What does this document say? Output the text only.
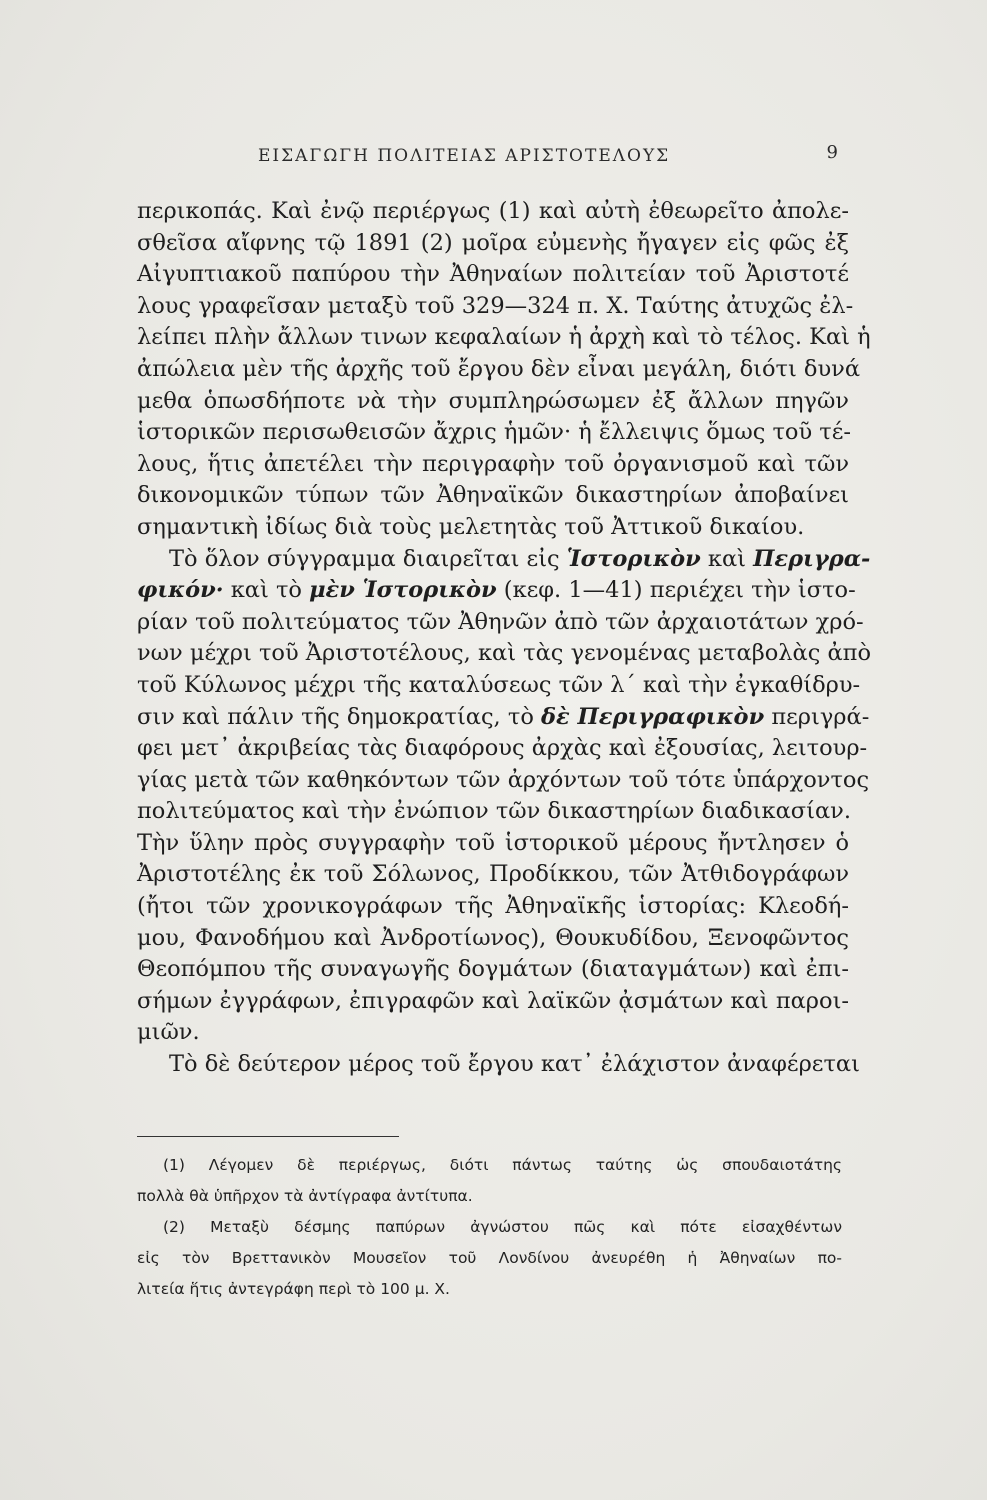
ΕΙΣΑΓΩΓΗ ΠΟΛΙΤΕΙΑΣ ΑΡΙΣΤΟΤΕΛΟΥΣ	9
περικοπάς. Καὶ ἐνῷ περιέργως (1) καὶ αὐτὴ ἐθεωρεῖτο ἀπολε-
σθεῖσα αἴφνης τῷ 1891 (2) μοῖρα εὐμενὴς ἤγαγεν εἰς φῶς ἐξ
Αἰγυπτιακοῦ παπύρου τὴν Ἀθηναίων πολιτείαν τοῦ Ἀριστοτέ
λους γραφεῖσαν μεταξὺ τοῦ 329—324 π. Χ. Ταύτης ἀτυχῶς ἐλ-
λείπει πλὴν ἄλλων τινων κεφαλαίων ἡ ἀρχὴ καὶ τὸ τέλος. Καὶ ἡ
ἀπώλεια μὲν τῆς ἀρχῆς τοῦ ἔργου δὲν εἶναι μεγάλη, διότι δυνά
μεθα ὁπωσδήποτε νὰ τὴν συμπληρώσωμεν ἐξ ἄλλων πηγῶν
ἱστορικῶν περισωθεισῶν ἄχρις ἡμῶν· ἡ ἔλλειψις ὅμως τοῦ τέ-
λους, ἥτις ἀπετέλει τὴν περιγραφὴν τοῦ ὀργανισμοῦ καὶ τῶν
δικονομικῶν τύπων τῶν Ἀθηναϊκῶν δικαστηρίων ἀποβαίνει
σημαντικὴ ἰδίως διὰ τοὺς μελετητὰς τοῦ Ἀττικοῦ δικαίου.
Τὸ ὅλον σύγγραμμα διαιρεῖται εἰς Ἱστορικὸν καὶ Περιγρα-
φικόν· καὶ τὸ μὲν Ἱστορικὸν (κεφ. 1—41) περιέχει τὴν ἱστο-
ρίαν τοῦ πολιτεύματος τῶν Ἀθηνῶν ἀπὸ τῶν ἀρχαιοτάτων χρό-
νων μέχρι τοῦ Ἀριστοτέλους, καὶ τὰς γενομένας μεταβολὰς ἀπὸ
τοῦ Κύλωνος μέχρι τῆς καταλύσεως τῶν λ΄ καὶ τὴν ἐγκαθίδρυ-
σιν καὶ πάλιν τῆς δημοκρατίας, τὸ δὲ Περιγραφικὸν περιγρά-
φει μετ᾽ ἀκριβείας τὰς διαφόρους ἀρχὰς καὶ ἐξουσίας, λειτουρ-
γίας μετὰ τῶν καθηκόντων τῶν ἀρχόντων τοῦ τότε ὑπάρχοντος
πολιτεύματος καὶ τὴν ἐνώπιον τῶν δικαστηρίων διαδικασίαν.
Τὴν ὕλην πρὸς συγγραφὴν τοῦ ἱστορικοῦ μέρους ἤντλησεν ὁ
Ἀριστοτέλης ἐκ τοῦ Σόλωνος, Προδίκκου, τῶν Ἀτθιδογράφων
(ἤτοι τῶν χρονικογράφων τῆς Ἀθηναϊκῆς ἱστορίας: Κλεοδή-
μου, Φανοδήμου καὶ Ἀνδροτίωνος), Θουκυδίδου, Ξενοφῶντος
Θεοπόμπου τῆς συναγωγῆς δογμάτων (διαταγμάτων) καὶ ἐπι-
σήμων ἐγγράφων, ἐπιγραφῶν καὶ λαϊκῶν ᾀσμάτων καὶ παροι-
μιῶν.
Τὸ δὲ δεύτερον μέρος τοῦ ἔργου κατ᾽ ἐλάχιστον ἀναφέρεται
(1) Λέγομεν δὲ περιέργως, διότι πάντως ταύτης ὡς σπουδαιοτάτης
πολλὰ θὰ ὑπῆρχον τὰ ἀντίγραφα ἀντίτυπα.
(2) Μεταξὺ δέσμης παπύρων ἀγνώστου πῶς καὶ πότε εἰσαχθέντων
εἰς τὸν Βρεττανικὸν Μουσεῖον τοῦ Λονδίνου ἀνευρέθη ἡ Ἀθηναίων πο-
λιτεία ἥτις ἀντεγράφη περὶ τὸ 100 μ. Χ.
